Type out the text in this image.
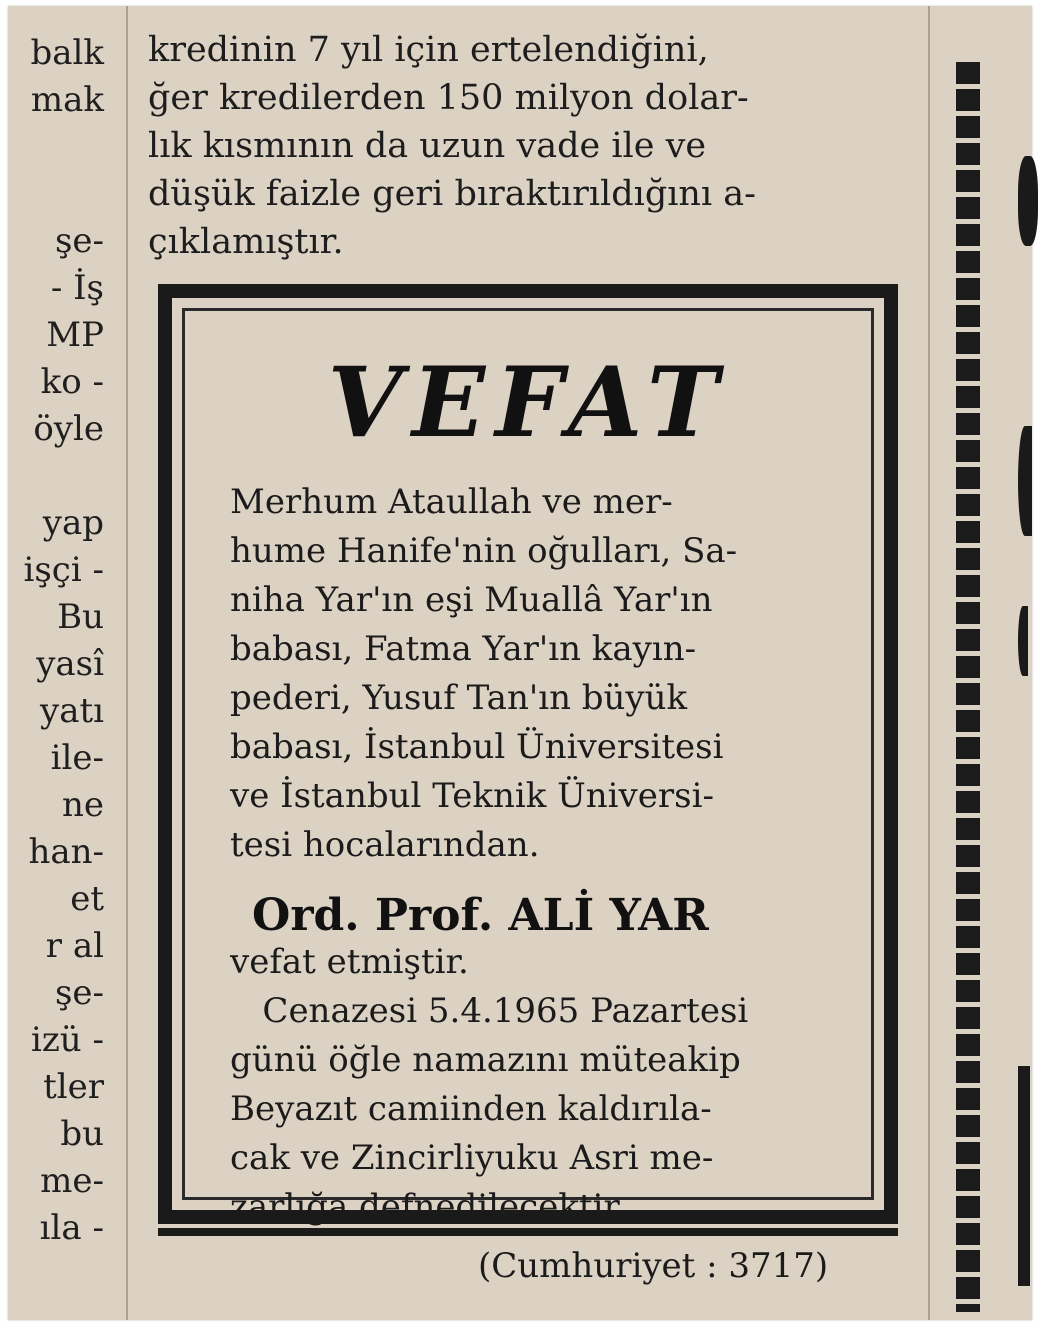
balk
mak
şe-
- İş
MP
ko -
öyle
yap
işçi -
Bu
yasî
yatı
ile-
ne
han-
et
r al
şe-
izü -
tler
bu
me-
ıla -
kredinin 7 yıl için ertelendiğini,
ğer kredilerden 150 milyon dolar-
lık kısmının da uzun vade ile ve
düşük faizle geri bıraktırıldığını a-
çıklamıştır.
VEFAT
Merhum Ataullah ve mer-
hume Hanife'nin oğulları, Sa-
niha Yar'ın eşi Muallâ Yar'ın
babası, Fatma Yar'ın kayın-
pederi, Yusuf Tan'ın büyük
babası, İstanbul Üniversitesi
ve İstanbul Teknik Üniversi-
tesi hocalarından.
Ord. Prof. ALİ YAR
vefat etmiştir.
Cenazesi 5.4.1965 Pazartesi
günü öğle namazını müteakip
Beyazıt camiinden kaldırıla-
cak ve Zincirliyuku Asri me-
zarlığa defnedilecektir.
(Cumhuriyet : 3717)
